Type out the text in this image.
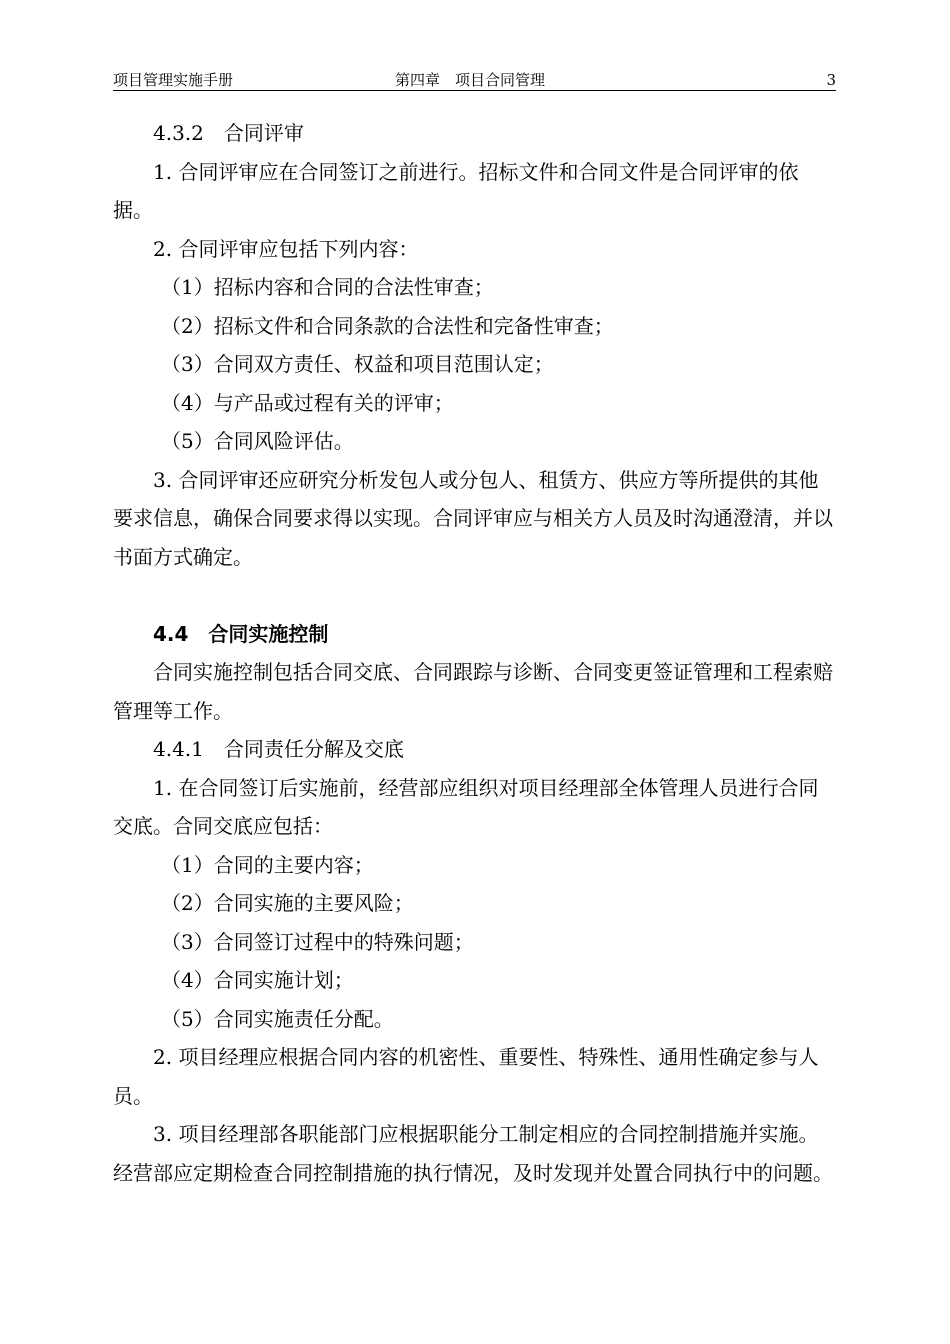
项目管理实施手册	第四章　项目合同管理	3

4.3.2　合同评审

1. 合同评审应在合同签订之前进行。招标文件和合同文件是合同评审的依据。

2. 合同评审应包括下列内容：

（1）招标内容和合同的合法性审查；

（2）招标文件和合同条款的合法性和完备性审查；

（3）合同双方责任、权益和项目范围认定；

（4）与产品或过程有关的评审；

（5）合同风险评估。

3. 合同评审还应研究分析发包人或分包人、租赁方、供应方等所提供的其他要求信息，确保合同要求得以实现。合同评审应与相关方人员及时沟通澄清，并以书面方式确定。

4.4　合同实施控制

合同实施控制包括合同交底、合同跟踪与诊断、合同变更签证管理和工程索赔管理等工作。

4.4.1　合同责任分解及交底

1. 在合同签订后实施前，经营部应组织对项目经理部全体管理人员进行合同交底。合同交底应包括：

（1）合同的主要内容；

（2）合同实施的主要风险；

（3）合同签订过程中的特殊问题；

（4）合同实施计划；

（5）合同实施责任分配。

2. 项目经理应根据合同内容的机密性、重要性、特殊性、通用性确定参与人员。

3. 项目经理部各职能部门应根据职能分工制定相应的合同控制措施并实施。经营部应定期检查合同控制措施的执行情况，及时发现并处置合同执行中的问题。
